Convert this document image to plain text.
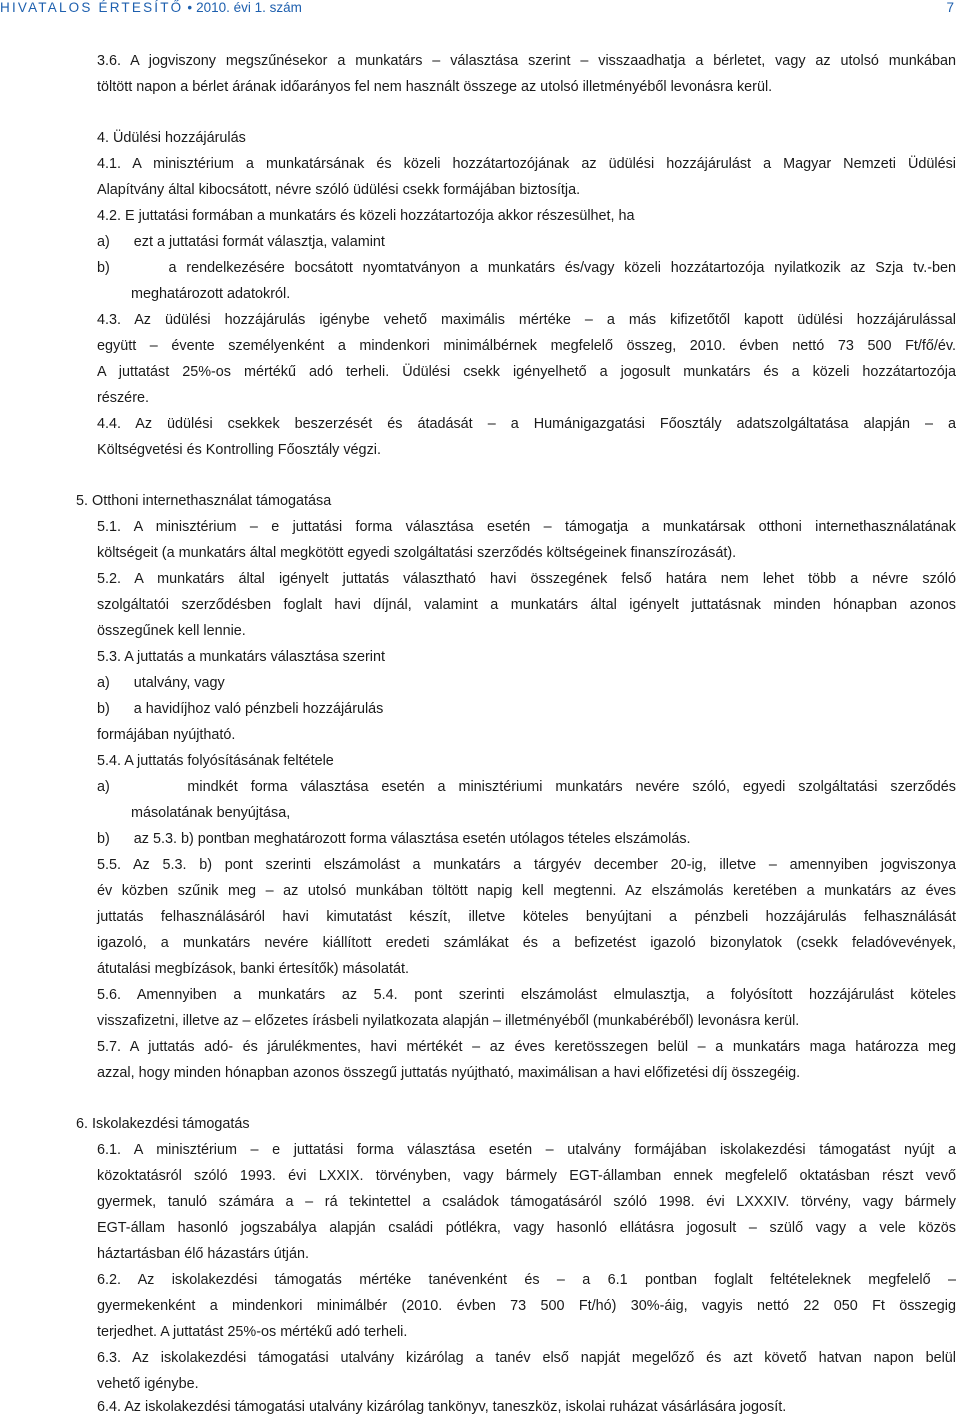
HIVATALOS ÉRTESÍTŐ • 2010. évi 1. szám	7
3.6. A jogviszony megszűnésekor a munkatárs – választása szerint – visszaadhatja a bérletet, vagy az utolsó munkában
töltött napon a bérlet árának időarányos fel nem használt összege az utolsó illetményéből levonásra kerül.
4. Üdülési hozzájárulás
4.1. A minisztérium a munkatársának és közeli hozzátartozójának az üdülési hozzájárulást a Magyar Nemzeti Üdülési
Alapítvány által kibocsátott, névre szóló üdülési csekk formájában biztosítja.
4.2. E juttatási formában a munkatárs és közeli hozzátartozója akkor részesülhet, ha
a)      ezt a juttatási formát választja, valamint
b)      a rendelkezésére bocsátott nyomtatványon a munkatárs és/vagy közeli hozzátartozója nyilatkozik az Szja tv.-ben
meghatározott adatokról.
4.3. Az üdülési hozzájárulás igénybe vehető maximális mértéke – a más kifizetőtől kapott üdülési hozzájárulással
együtt – évente személyenként a mindenkori minimálbérnek megfelelő összeg, 2010. évben nettó 73 500 Ft/fő/év.
A juttatást 25%-os mértékű adó terheli. Üdülési csekk igényelhető a jogosult munkatárs és a közeli hozzátartozója
részére.
4.4. Az üdülési csekkek beszerzését és átadását – a Humánigazgatási Főosztály adatszolgáltatása alapján – a
Költségvetési és Kontrolling Főosztály végzi.
5. Otthoni internethasználat támogatása
5.1. A minisztérium – e juttatási forma választása esetén – támogatja a munkatársak otthoni internethasználatának
költségeit (a munkatárs által megkötött egyedi szolgáltatási szerződés költségeinek finanszírozását).
5.2. A munkatárs által igényelt juttatás választható havi összegének felső határa nem lehet több a névre szóló
szolgáltatói szerződésben foglalt havi díjnál, valamint a munkatárs által igényelt juttatásnak minden hónapban azonos
összegűnek kell lennie.
5.3. A juttatás a munkatárs választása szerint
a)      utalvány, vagy
b)      a havidíjhoz való pénzbeli hozzájárulás
formájában nyújtható.
5.4. A juttatás folyósításának feltétele
a)      mindkét forma választása esetén a minisztériumi munkatárs nevére szóló, egyedi szolgáltatási szerződés
másolatának benyújtása,
b)      az 5.3. b) pontban meghatározott forma választása esetén utólagos tételes elszámolás.
5.5. Az 5.3. b) pont szerinti elszámolást a munkatárs a tárgyév december 20-ig, illetve – amennyiben jogviszonya
év közben szűnik meg – az utolsó munkában töltött napig kell megtenni. Az elszámolás keretében a munkatárs az éves
juttatás felhasználásáról havi kimutatást készít, illetve köteles benyújtani a pénzbeli hozzájárulás felhasználását
igazoló, a munkatárs nevére kiállított eredeti számlákat és a befizetést igazoló bizonylatok (csekk feladóvevények,
átutalási megbízások, banki értesítők) másolatát.
5.6. Amennyiben a munkatárs az 5.4. pont szerinti elszámolást elmulasztja, a folyósított hozzájárulást köteles
visszafizetni, illetve az – előzetes írásbeli nyilatkozata alapján – illetményéből (munkabéréből) levonásra kerül.
5.7. A juttatás adó- és járulékmentes, havi mértékét – az éves keretösszegen belül – a munkatárs maga határozza meg
azzal, hogy minden hónapban azonos összegű juttatás nyújtható, maximálisan a havi előfizetési díj összegéig.
6. Iskolakezdési támogatás
6.1. A minisztérium – e juttatási forma választása esetén – utalvány formájában iskolakezdési támogatást nyújt a
közoktatásról szóló 1993. évi LXXIX. törvényben, vagy bármely EGT-államban ennek megfelelő oktatásban részt vevő
gyermek, tanuló számára a – rá tekintettel a családok támogatásáról szóló 1998. évi LXXXIV. törvény, vagy bármely
EGT-állam hasonló jogszabálya alapján családi pótlékra, vagy hasonló ellátásra jogosult – szülő vagy a vele közös
háztartásban élő házastárs útján.
6.2. Az iskolakezdési támogatás mértéke tanévenként és – a 6.1 pontban foglalt feltételeknek megfelelő –
gyermekenként a mindenkori minimálbér (2010. évben 73 500 Ft/hó) 30%-áig, vagyis nettó 22 050 Ft összegig
terjedhet. A juttatást 25%-os mértékű adó terheli.
6.3. Az iskolakezdési támogatási utalvány kizárólag a tanév első napját megelőző és azt követő hatvan napon belül
vehető igénybe.
6.4. Az iskolakezdési támogatási utalvány kizárólag tankönyv, taneszköz, iskolai ruházat vásárlására jogosít.
